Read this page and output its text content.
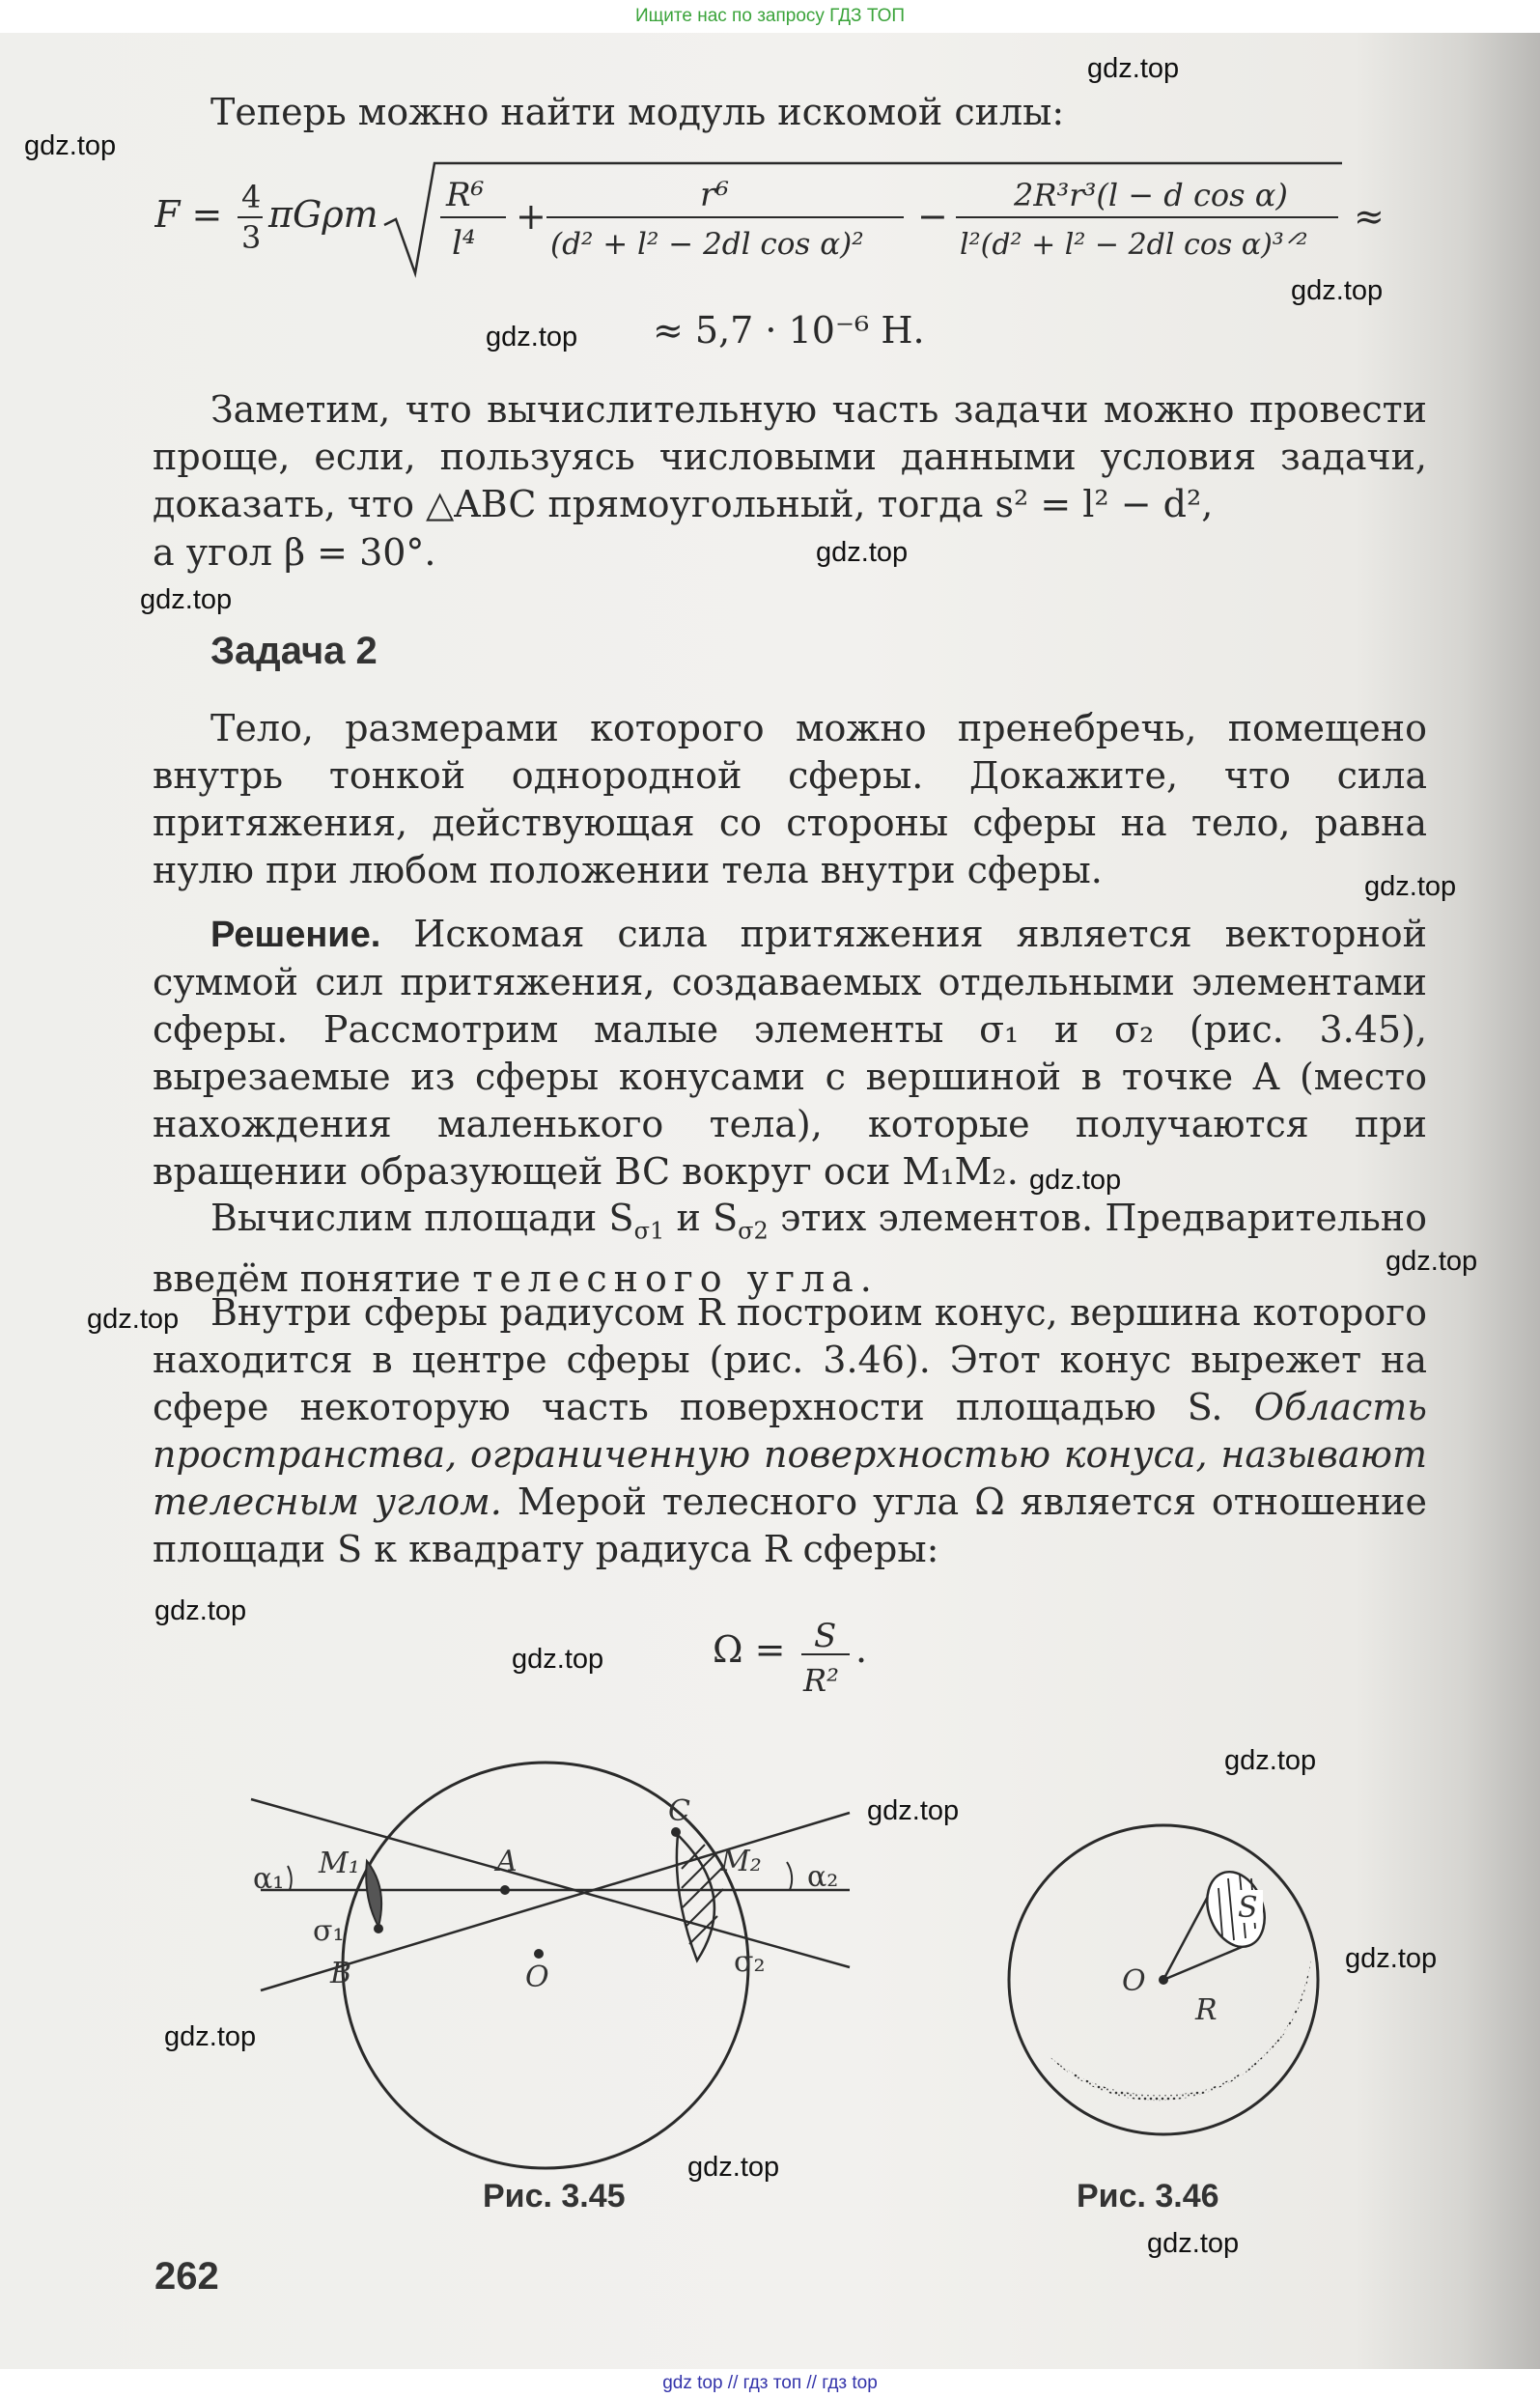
Ищите нас по запросу ГДЗ ТОП
gdz.top
gdz.top
gdz.top
gdz.top
gdz.top
gdz.top
gdz.top
gdz.top
gdz.top
gdz.top
gdz.top
gdz.top
gdz.top
gdz.top
gdz.top
gdz.top
gdz.top
gdz.top
Теперь можно найти модуль искомой силы:
F = 4
3
πGρm R⁶
l⁴
+	r⁶
(d² + l² − 2dl cos α)²
− 2R³r³(l − d cos α)
l²(d² + l² − 2dl cos α)³ᐟ²
≈
≈ 5,7 · 10⁻⁶ Н.
Заметим, что вычислительную часть задачи можно провести проще, если, пользуясь числовыми данными условия задачи, доказать, что △ABC прямоугольный, тогда s² = l² − d²,
а угол β = 30°.
Задача 2
Тело, размерами которого можно пренебречь, помещено внутрь тонкой однородной сферы. Докажите, что сила притяжения, действующая со стороны сферы на тело, равна нулю при любом положении тела внутри сферы.
Решение. Искомая сила притяжения является векторной суммой сил притяжения, создаваемых отдельными элементами сферы. Рассмотрим малые элементы σ₁ и σ₂ (рис. 3.45), вырезаемые из сферы конусами с вершиной в точке A (место нахождения маленького тела), которые получаются при вращении образующей BC вокруг оси M₁M₂.
Вычислим площади $S_{\sigma 1}$ и $S_{\sigma 2}$ этих элементов. Предварительно введём понятие телесного угла.
Внутри сферы радиусом R построим конус, вершина которого находится в центре сферы (рис. 3.46). Этот конус вырежет на сфере некоторую часть поверхности площадью S. Область пространства, ограниченную поверхностью конуса, называют телесным углом. Мерой телесного угла Ω является отношение площади S к квадрату радиуса R сферы:
Ω = S
R²
.
α₁ M₁	A
C
M₂ α₂
σ₁
B	O	σ₂
Рис. 3.45
S
O
R
Рис. 3.46
262
gdz top // гдз топ // гдз top
